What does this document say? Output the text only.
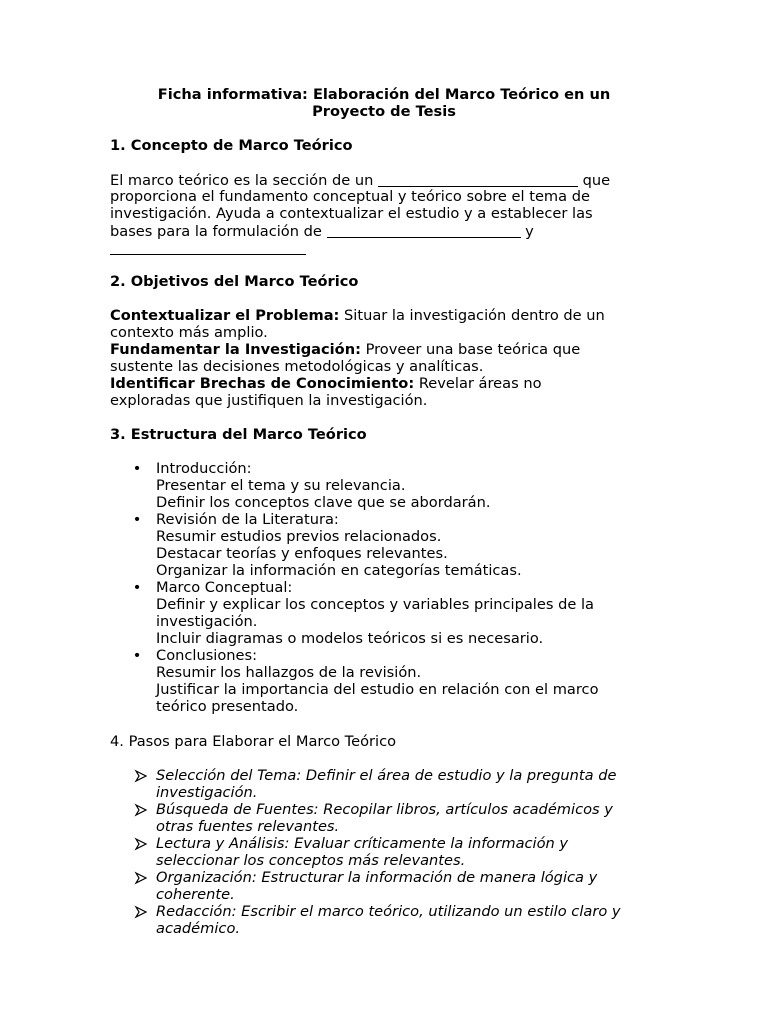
Ficha informativa: Elaboración del Marco Teórico en un
Proyecto de Tesis
1. Concepto de Marco Teórico
El marco teórico es la sección de un	que
proporciona el fundamento conceptual y teórico sobre el tema de
investigación. Ayuda a contextualizar el estudio y a establecer las
bases para la formulación de	y
2. Objetivos del Marco Teórico
Contextualizar el Problema: Situar la investigación dentro de un
contexto más amplio.
Fundamentar la Investigación: Proveer una base teórica que
sustente las decisiones metodológicas y analíticas.
Identificar Brechas de Conocimiento: Revelar áreas no
exploradas que justifiquen la investigación.
3. Estructura del Marco Teórico
• Introducción:
Presentar el tema y su relevancia.
Definir los conceptos clave que se abordarán.
• Revisión de la Literatura:
Resumir estudios previos relacionados.
Destacar teorías y enfoques relevantes.
Organizar la información en categorías temáticas.
• Marco Conceptual:
Definir y explicar los conceptos y variables principales de la
investigación.
Incluir diagramas o modelos teóricos si es necesario.
• Conclusiones:
Resumir los hallazgos de la revisión.
Justificar la importancia del estudio en relación con el marco
teórico presentado.
4. Pasos para Elaborar el Marco Teórico
Selección del Tema: Definir el área de estudio y la pregunta de
investigación.
Búsqueda de Fuentes: Recopilar libros, artículos académicos y
otras fuentes relevantes.
Lectura y Análisis: Evaluar críticamente la información y
seleccionar los conceptos más relevantes.
Organización: Estructurar la información de manera lógica y
coherente.
Redacción: Escribir el marco teórico, utilizando un estilo claro y
académico.
